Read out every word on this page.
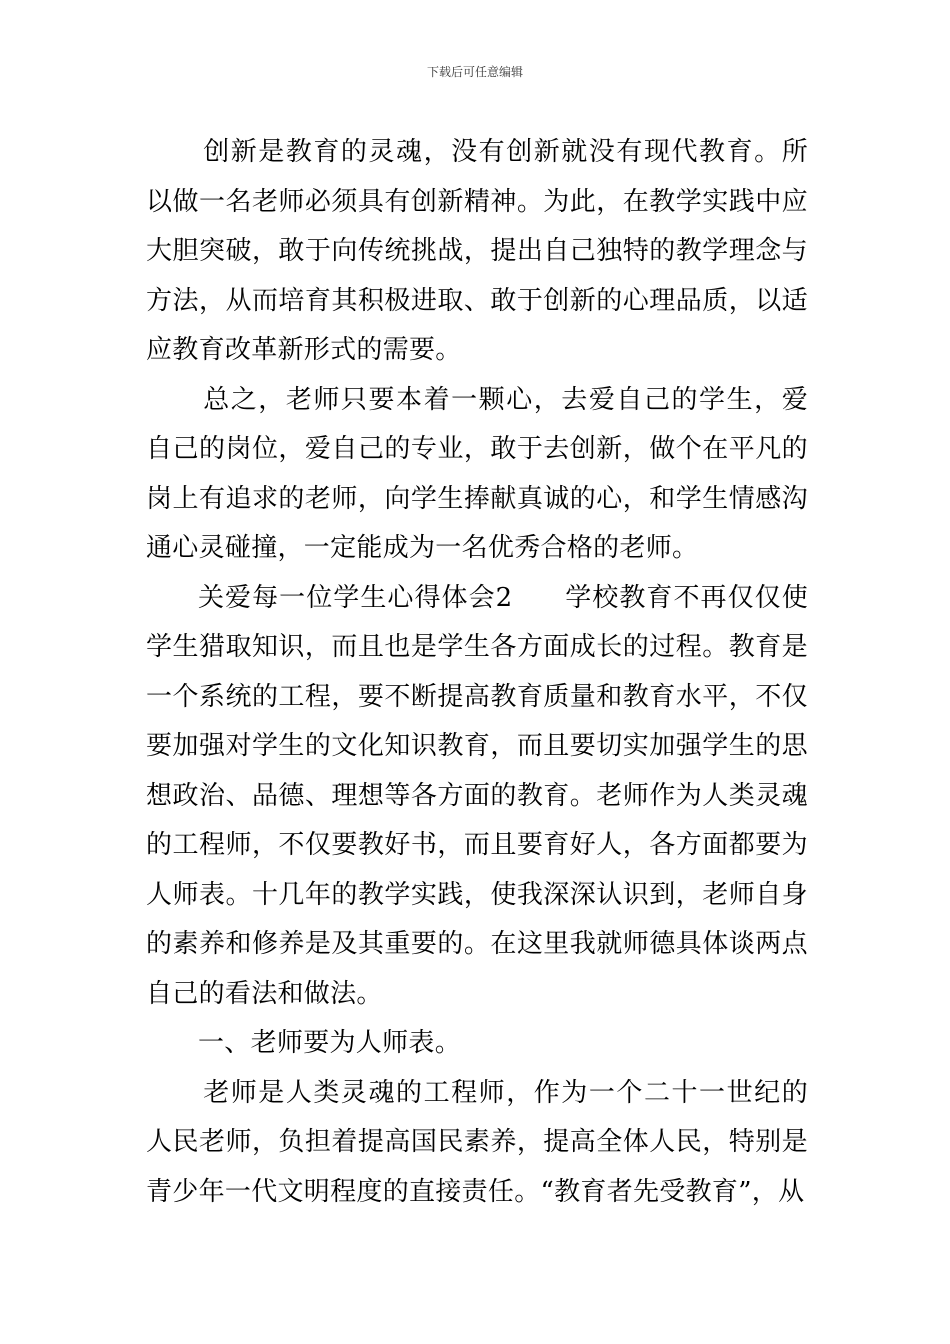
下载后可任意编辑

创新是教育的灵魂，没有创新就没有现代教育。所以做一名老师必须具有创新精神。为此，在教学实践中应大胆突破，敢于向传统挑战，提出自己独特的教学理念与方法，从而培育其积极进取、敢于创新的心理品质，以适应教育改革新形式的需要。

总之，老师只要本着一颗心，去爱自己的学生，爱自己的岗位，爱自己的专业，敢于去创新，做个在平凡的岗上有追求的老师，向学生捧献真诚的心，和学生情感沟通心灵碰撞，一定能成为一名优秀合格的老师。

关爱每一位学生心得体会2 学校教育不再仅仅使学生猎取知识，而且也是学生各方面成长的过程。教育是一个系统的工程，要不断提高教育质量和教育水平，不仅要加强对学生的文化知识教育，而且要切实加强学生的思想政治、品德、理想等各方面的教育。老师作为人类灵魂的工程师，不仅要教好书，而且要育好人，各方面都要为人师表。十几年的教学实践，使我深深认识到，老师自身的素养和修养是及其重要的。在这里我就师德具体谈两点自己的看法和做法。

一、老师要为人师表。

老师是人类灵魂的工程师，作为一个二十一世纪的人民老师，负担着提高国民素养，提高全体人民，特别是青少年一代文明程度的直接责任。“教育者先受教育”，从
